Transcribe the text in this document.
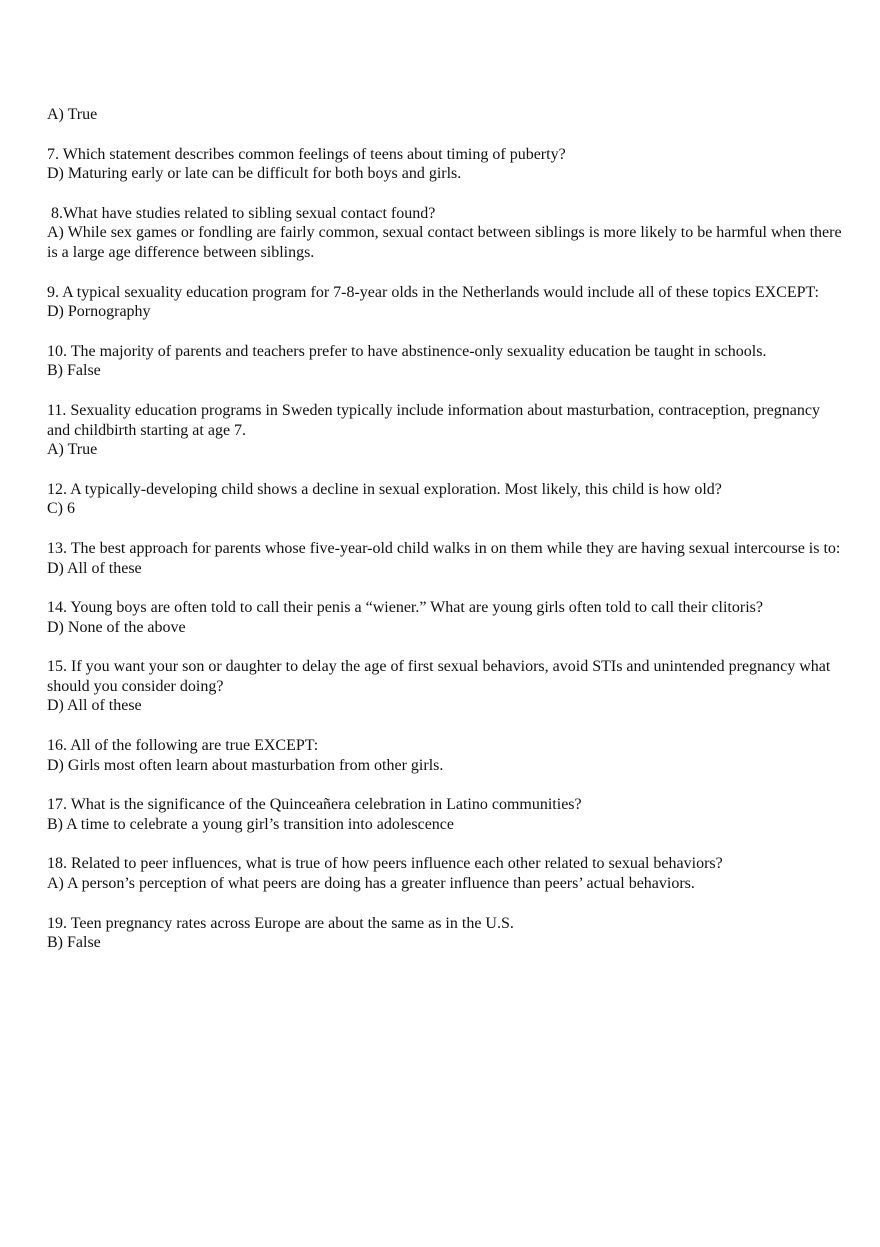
A) True
7. Which statement describes common feelings of teens about timing of puberty?
D) Maturing early or late can be difficult for both boys and girls.
8.What have studies related to sibling sexual contact found?
A) While sex games or fondling are fairly common, sexual contact between siblings is more likely to be harmful when there is a large age difference between siblings.
9. A typical sexuality education program for 7-8-year olds in the Netherlands would include all of these topics EXCEPT:
D) Pornography
10. The majority of parents and teachers prefer to have abstinence-only sexuality education be taught in schools.
B) False
11. Sexuality education programs in Sweden typically include information about masturbation, contraception, pregnancy and childbirth starting at age 7.
A) True
12. A typically-developing child shows a decline in sexual exploration. Most likely, this child is how old?
C) 6
13. The best approach for parents whose five-year-old child walks in on them while they are having sexual intercourse is to:
D) All of these
14. Young boys are often told to call their penis a “wiener.” What are young girls often told to call their clitoris?
D) None of the above
15. If you want your son or daughter to delay the age of first sexual behaviors, avoid STIs and unintended pregnancy what should you consider doing?
D) All of these
16. All of the following are true EXCEPT:
D) Girls most often learn about masturbation from other girls.
17. What is the significance of the Quinceañera celebration in Latino communities?
B) A time to celebrate a young girl’s transition into adolescence
18. Related to peer influences, what is true of how peers influence each other related to sexual behaviors?
A) A person’s perception of what peers are doing has a greater influence than peers’ actual behaviors.
19. Teen pregnancy rates across Europe are about the same as in the U.S.
B) False
